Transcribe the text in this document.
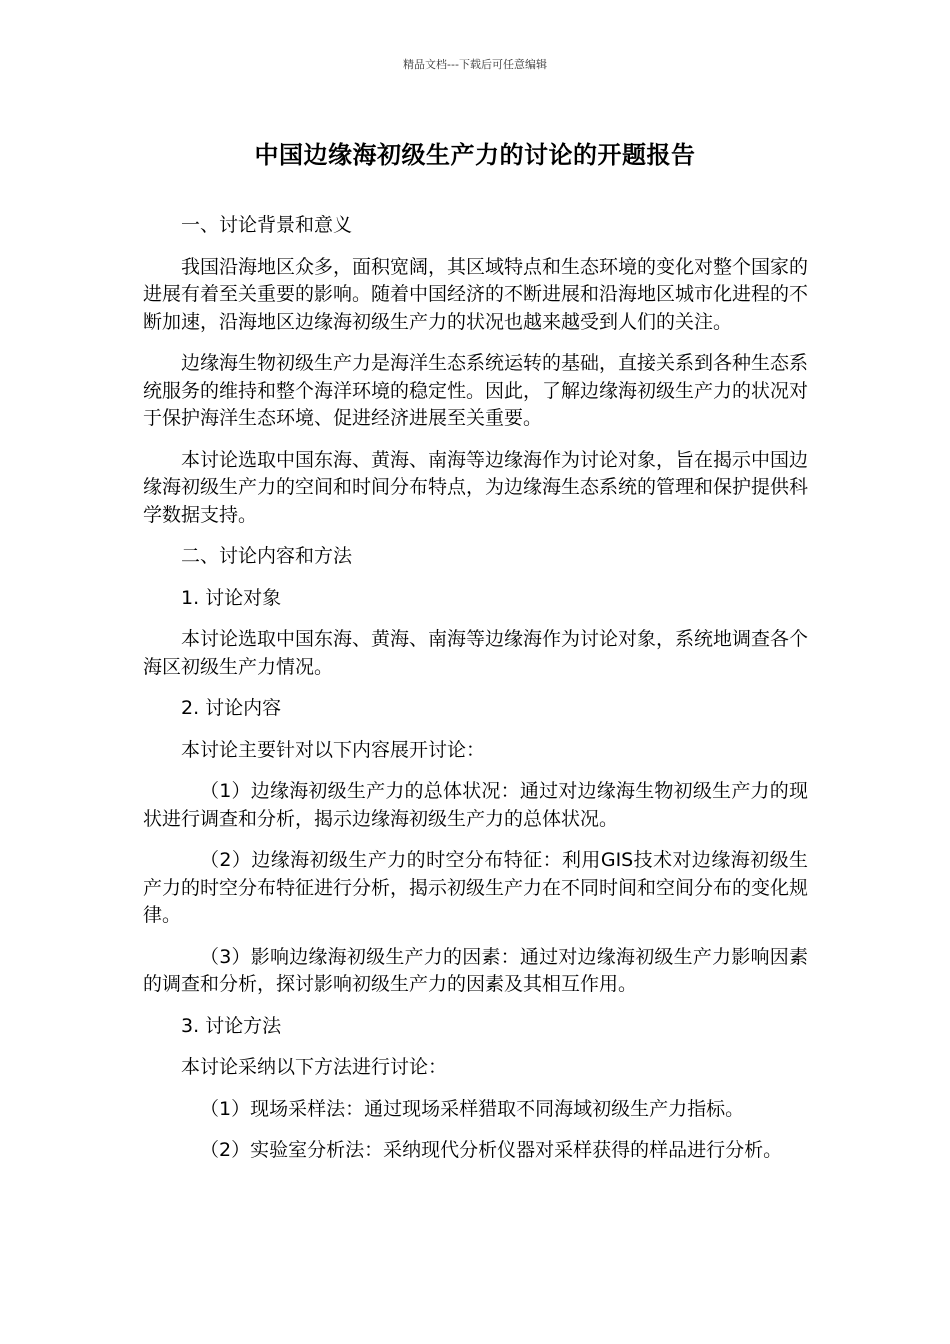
精品文档---下载后可任意编辑
中国边缘海初级生产力的讨论的开题报告

一、讨论背景和意义

我国沿海地区众多，面积宽阔，其区域特点和生态环境的变化对整个国家的进展有着至关重要的影响。随着中国经济的不断进展和沿海地区城市化进程的不断加速，沿海地区边缘海初级生产力的状况也越来越受到人们的关注。

边缘海生物初级生产力是海洋生态系统运转的基础，直接关系到各种生态系统服务的维持和整个海洋环境的稳定性。因此，了解边缘海初级生产力的状况对于保护海洋生态环境、促进经济进展至关重要。

本讨论选取中国东海、黄海、南海等边缘海作为讨论对象，旨在揭示中国边缘海初级生产力的空间和时间分布特点，为边缘海生态系统的管理和保护提供科学数据支持。

二、讨论内容和方法

1. 讨论对象

本讨论选取中国东海、黄海、南海等边缘海作为讨论对象，系统地调查各个海区初级生产力情况。

2. 讨论内容

本讨论主要针对以下内容展开讨论：

（1）边缘海初级生产力的总体状况：通过对边缘海生物初级生产力的现状进行调查和分析，揭示边缘海初级生产力的总体状况。

（2）边缘海初级生产力的时空分布特征：利用GIS技术对边缘海初级生产力的时空分布特征进行分析，揭示初级生产力在不同时间和空间分布的变化规律。

（3）影响边缘海初级生产力的因素：通过对边缘海初级生产力影响因素的调查和分析，探讨影响初级生产力的因素及其相互作用。

3. 讨论方法

本讨论采纳以下方法进行讨论：

（1）现场采样法：通过现场采样猎取不同海域初级生产力指标。

（2）实验室分析法：采纳现代分析仪器对采样获得的样品进行分析。
